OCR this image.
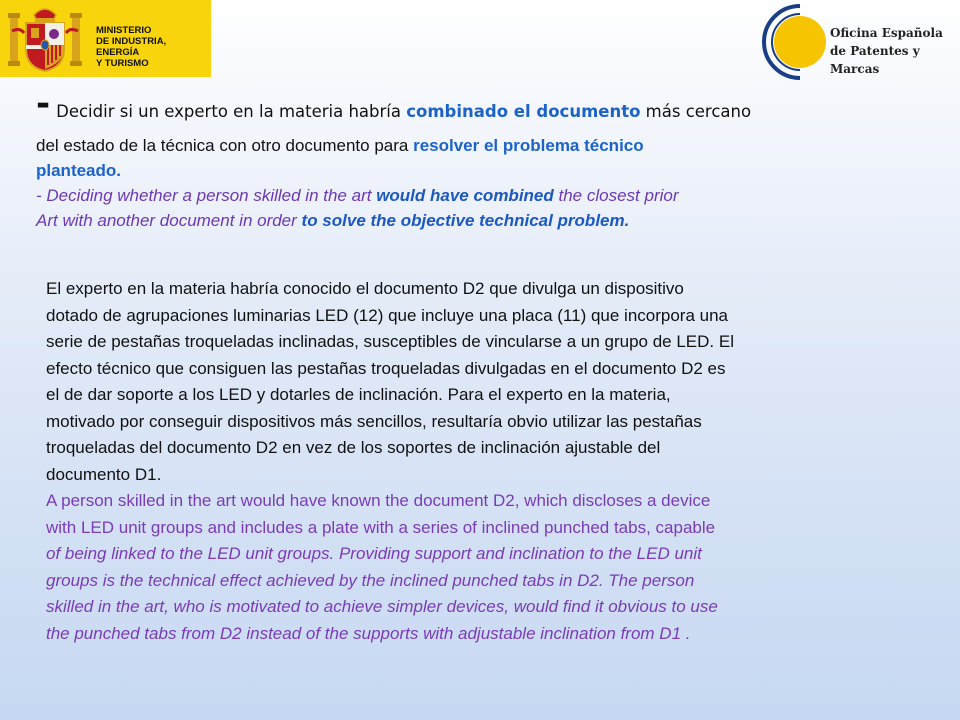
MINISTERIO
DE INDUSTRIA, ENERGÍA
Y TURISMO
Oficina Española
de Patentes y Marcas
- Decidir si un experto en la materia habría combinado el documento más cercano
del estado de la técnica con otro documento para resolver el problema técnico
planteado.
- Deciding whether a person skilled in the art would have combined the closest prior
Art with another document in order to solve the objective technical problem.
El experto en la materia habría conocido el documento D2 que divulga un dispositivo
dotado de agrupaciones luminarias LED (12) que incluye una placa (11) que incorpora una
serie de pestañas troqueladas inclinadas, susceptibles de vincularse a un grupo de LED. El
efecto técnico que consiguen las pestañas troqueladas divulgadas en el documento D2 es
el de dar soporte a los LED y dotarles de inclinación. Para el experto en la materia,
motivado por conseguir dispositivos más sencillos, resultaría obvio utilizar las pestañas
troqueladas del documento D2 en vez de los soportes de inclinación ajustable del
documento D1.
A person skilled in the art would have known the document D2, which discloses a device
with LED unit groups and includes a plate with a series of inclined punched tabs, capable
of being linked to the LED unit groups. Providing support and inclination to the LED unit
groups is the technical effect achieved by the inclined punched tabs in D2. The person
skilled in the art, who is motivated to achieve simpler devices, would find it obvious to use
the punched tabs from D2 instead of the supports with adjustable inclination from D1 .
